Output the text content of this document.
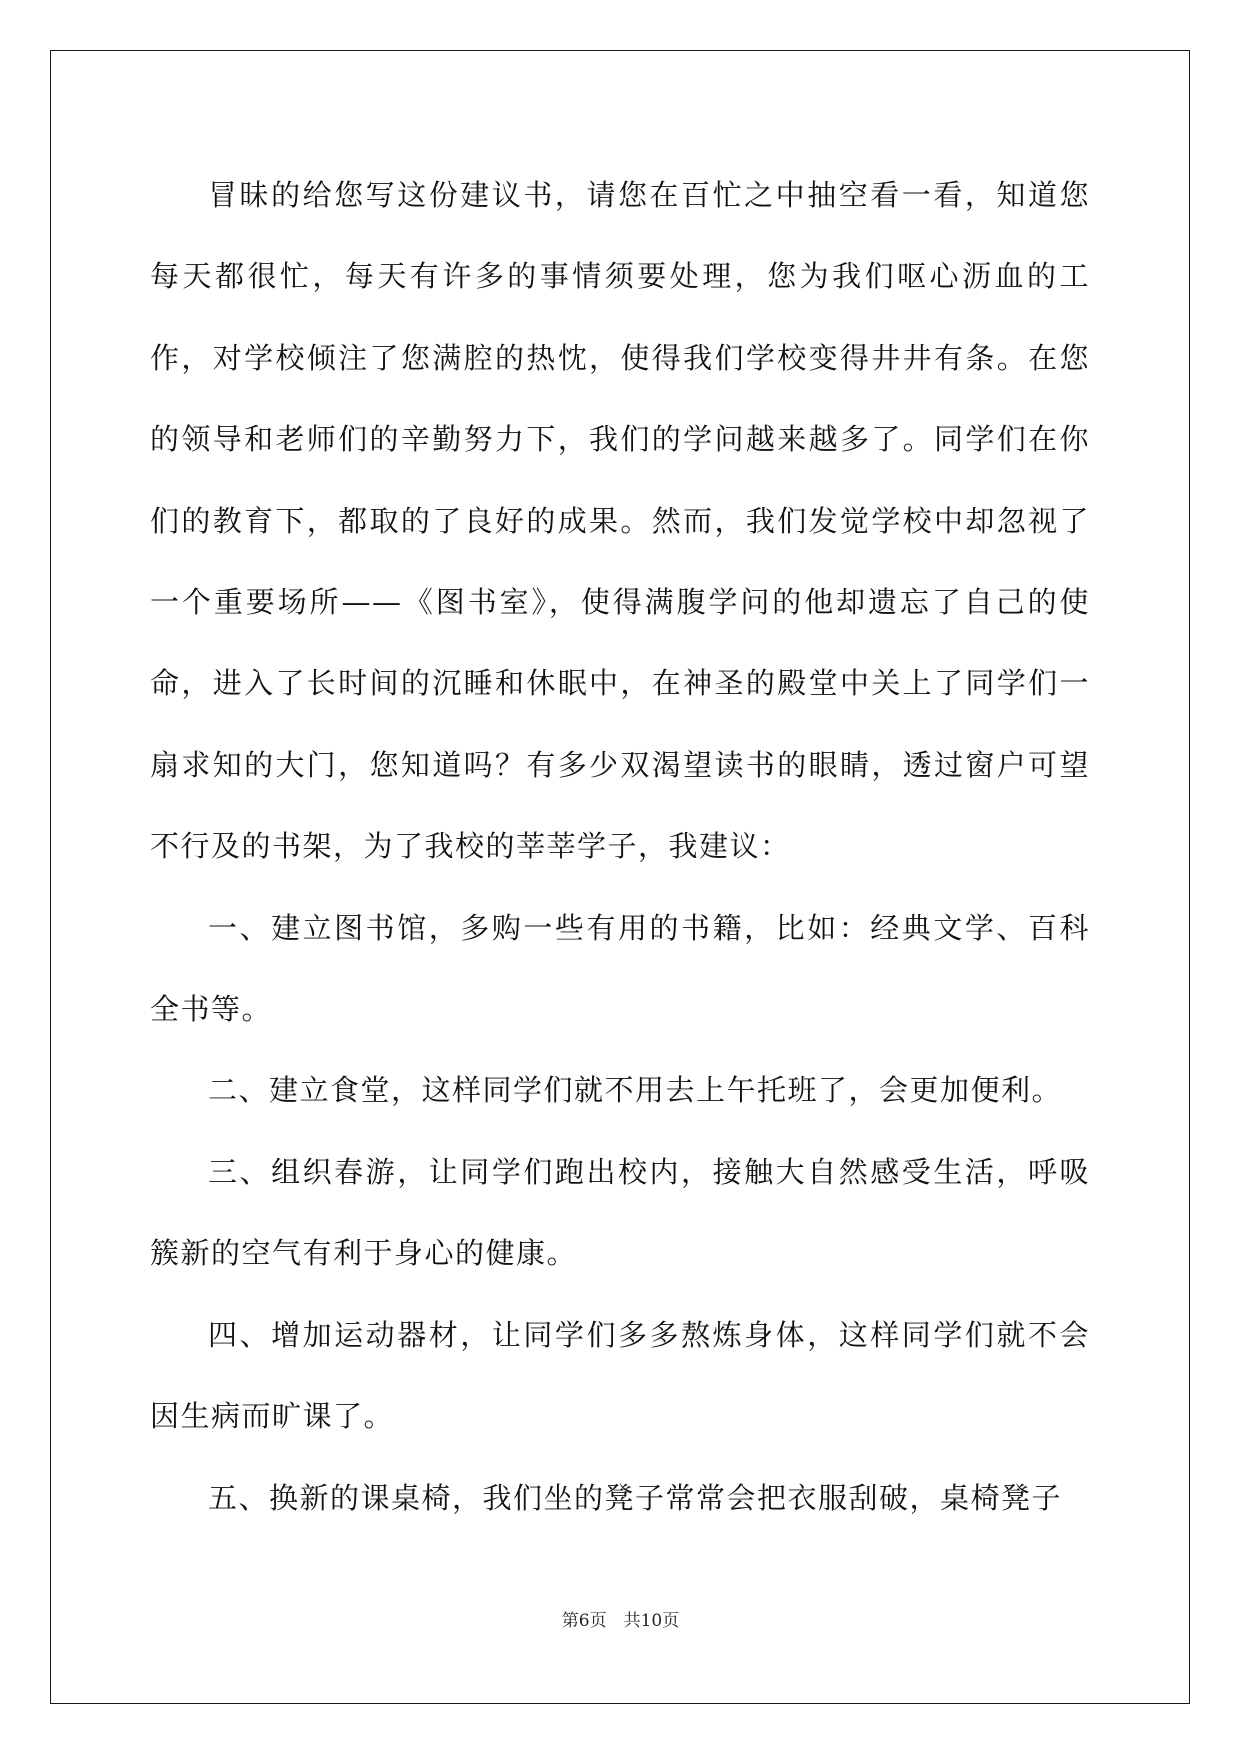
冒昧的给您写这份建议书，请您在百忙之中抽空看一看，知道您每天都很忙，每天有许多的事情须要处理，您为我们呕心沥血的工作，对学校倾注了您满腔的热忱，使得我们学校变得井井有条。在您的领导和老师们的辛勤努力下，我们的学问越来越多了。同学们在你们的教育下，都取的了良好的成果。然而，我们发觉学校中却忽视了一个重要场所——《图书室》，使得满腹学问的他却遗忘了自己的使命，进入了长时间的沉睡和休眠中，在神圣的殿堂中关上了同学们一扇求知的大门，您知道吗？有多少双渴望读书的眼睛，透过窗户可望不行及的书架，为了我校的莘莘学子，我建议：

一、建立图书馆，多购一些有用的书籍，比如：经典文学、百科全书等。

二、建立食堂，这样同学们就不用去上午托班了，会更加便利。

三、组织春游，让同学们跑出校内，接触大自然感受生活，呼吸簇新的空气有利于身心的健康。

四、增加运动器材，让同学们多多熬炼身体，这样同学们就不会因生病而旷课了。

五、换新的课桌椅，我们坐的凳子常常会把衣服刮破，桌椅凳子

第6页　共10页
